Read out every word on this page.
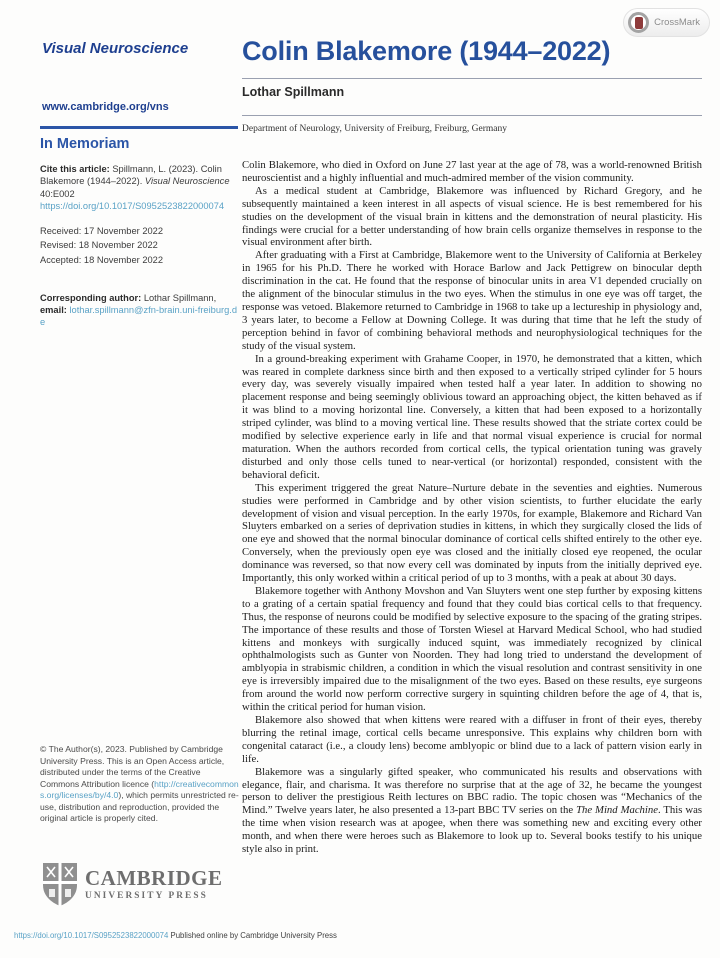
CrossMark
Visual Neuroscience
www.cambridge.org/vns
In Memoriam
Cite this article: Spillmann, L. (2023). Colin Blakemore (1944–2022). Visual Neuroscience 40:E002
https://doi.org/10.1017/S0952523822000074
Received: 17 November 2022
Revised: 18 November 2022
Accepted: 18 November 2022
Corresponding author: Lothar Spillmann, email: lothar.spillmann@zfn-brain.uni-freiburg.de
© The Author(s), 2023. Published by Cambridge University Press. This is an Open Access article, distributed under the terms of the Creative Commons Attribution licence (http://creativecommons.org/licenses/by/4.0), which permits unrestricted re-use, distribution and reproduction, provided the original article is properly cited.
CAMBRIDGE
UNIVERSITY PRESS
Colin Blakemore (1944–2022)
Lothar Spillmann
Department of Neurology, University of Freiburg, Freiburg, Germany

Colin Blakemore, who died in Oxford on June 27 last year at the age of 78, was a world-renowned British neuroscientist and a highly influential and much-admired member of the vision community.

As a medical student at Cambridge, Blakemore was influenced by Richard Gregory, and he subsequently maintained a keen interest in all aspects of visual science. He is best remembered for his studies on the development of the visual brain in kittens and the demonstration of neural plasticity. His findings were crucial for a better understanding of how brain cells organize themselves in response to the visual environment after birth.

After graduating with a First at Cambridge, Blakemore went to the University of California at Berkeley in 1965 for his Ph.D. There he worked with Horace Barlow and Jack Pettigrew on binocular depth discrimination in the cat. He found that the response of binocular units in area V1 depended crucially on the alignment of the binocular stimulus in the two eyes. When the stimulus in one eye was off target, the response was vetoed. Blakemore returned to Cambridge in 1968 to take up a lectureship in physiology and, 3 years later, to become a Fellow at Downing College. It was during that time that he left the study of perception behind in favor of combining behavioral methods and neurophysiological techniques for the study of the visual system.

In a ground-breaking experiment with Grahame Cooper, in 1970, he demonstrated that a kitten, which was reared in complete darkness since birth and then exposed to a vertically striped cylinder for 5 hours every day, was severely visually impaired when tested half a year later. In addition to showing no placement response and being seemingly oblivious toward an approaching object, the kitten behaved as if it was blind to a moving horizontal line. Conversely, a kitten that had been exposed to a horizontally striped cylinder, was blind to a moving vertical line. These results showed that the striate cortex could be modified by selective experience early in life and that normal visual experience is crucial for normal maturation. When the authors recorded from cortical cells, the typical orientation tuning was gravely disturbed and only those cells tuned to near-vertical (or horizontal) responded, consistent with the behavioral deficit.

This experiment triggered the great Nature–Nurture debate in the seventies and eighties. Numerous studies were performed in Cambridge and by other vision scientists, to further elucidate the early development of vision and visual perception. In the early 1970s, for example, Blakemore and Richard Van Sluyters embarked on a series of deprivation studies in kittens, in which they surgically closed the lids of one eye and showed that the normal binocular dominance of cortical cells shifted entirely to the other eye. Conversely, when the previously open eye was closed and the initially closed eye reopened, the ocular dominance was reversed, so that now every cell was dominated by inputs from the initially deprived eye. Importantly, this only worked within a critical period of up to 3 months, with a peak at about 30 days.

Blakemore together with Anthony Movshon and Van Sluyters went one step further by exposing kittens to a grating of a certain spatial frequency and found that they could bias cortical cells to that frequency. Thus, the response of neurons could be modified by selective exposure to the spacing of the grating stripes. The importance of these results and those of Torsten Wiesel at Harvard Medical School, who had studied kittens and monkeys with surgically induced squint, was immediately recognized by clinical ophthalmologists such as Gunter von Noorden. They had long tried to understand the development of amblyopia in strabismic children, a condition in which the visual resolution and contrast sensitivity in one eye is irreversibly impaired due to the misalignment of the two eyes. Based on these results, eye surgeons from around the world now perform corrective surgery in squinting children before the age of 4, that is, within the critical period for human vision.

Blakemore also showed that when kittens were reared with a diffuser in front of their eyes, thereby blurring the retinal image, cortical cells became unresponsive. This explains why children born with congenital cataract (i.e., a cloudy lens) become amblyopic or blind due to a lack of pattern vision early in life.

Blakemore was a singularly gifted speaker, who communicated his results and observations with elegance, flair, and charisma. It was therefore no surprise that at the age of 32, he became the youngest person to deliver the prestigious Reith lectures on BBC radio. The topic chosen was “Mechanics of the Mind.” Twelve years later, he also presented a 13-part BBC TV series on the The Mind Machine. This was the time when vision research was at apogee, when there was something new and exciting every other month, and when there were heroes such as Blakemore to look up to. Several books testify to his unique style also in print.

https://doi.org/10.1017/S0952523822000074 Published online by Cambridge University Press
